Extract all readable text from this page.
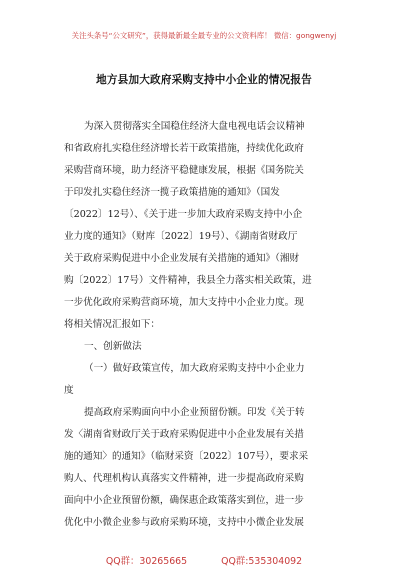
关注头条号“公文研究”，获得最新最全最专业的公文资料库！ 微信：gongwenyj
地方县加大政府采购支持中小企业的情况报告
为深入贯彻落实全国稳住经济大盘电视电话会议精神
和省政府扎实稳住经济增长若干政策措施，持续优化政府
采购营商环境，助力经济平稳健康发展，根据《国务院关
于印发扎实稳住经济一揽子政策措施的通知》（国发
〔2022〕12号）、《关于进一步加大政府采购支持中小企
业力度的通知》（财库〔2022〕19号）、《湖南省财政厅
关于政府采购促进中小企业发展有关措施的通知》（湘财
购〔2022〕17号）文件精神，我县全力落实相关政策，进
一步优化政府采购营商环境，加大支持中小企业力度。现
将相关情况汇报如下：
一、创新做法
（一）做好政策宣传，加大政府采购支持中小企业力
度
提高政府采购面向中小企业预留份额。印发《关于转
发〈湖南省财政厅关于政府采购促进中小企业发展有关措
施的通知〉的通知》（临财采资〔2022〕107号），要求采
购人、代理机构认真落实文件精神，进一步提高政府采购
面向中小企业预留份额，确保惠企政策落实到位，进一步
优化中小微企业参与政府采购环境，支持中小微企业发展
QQ群：30265665	QQ群:535304092
